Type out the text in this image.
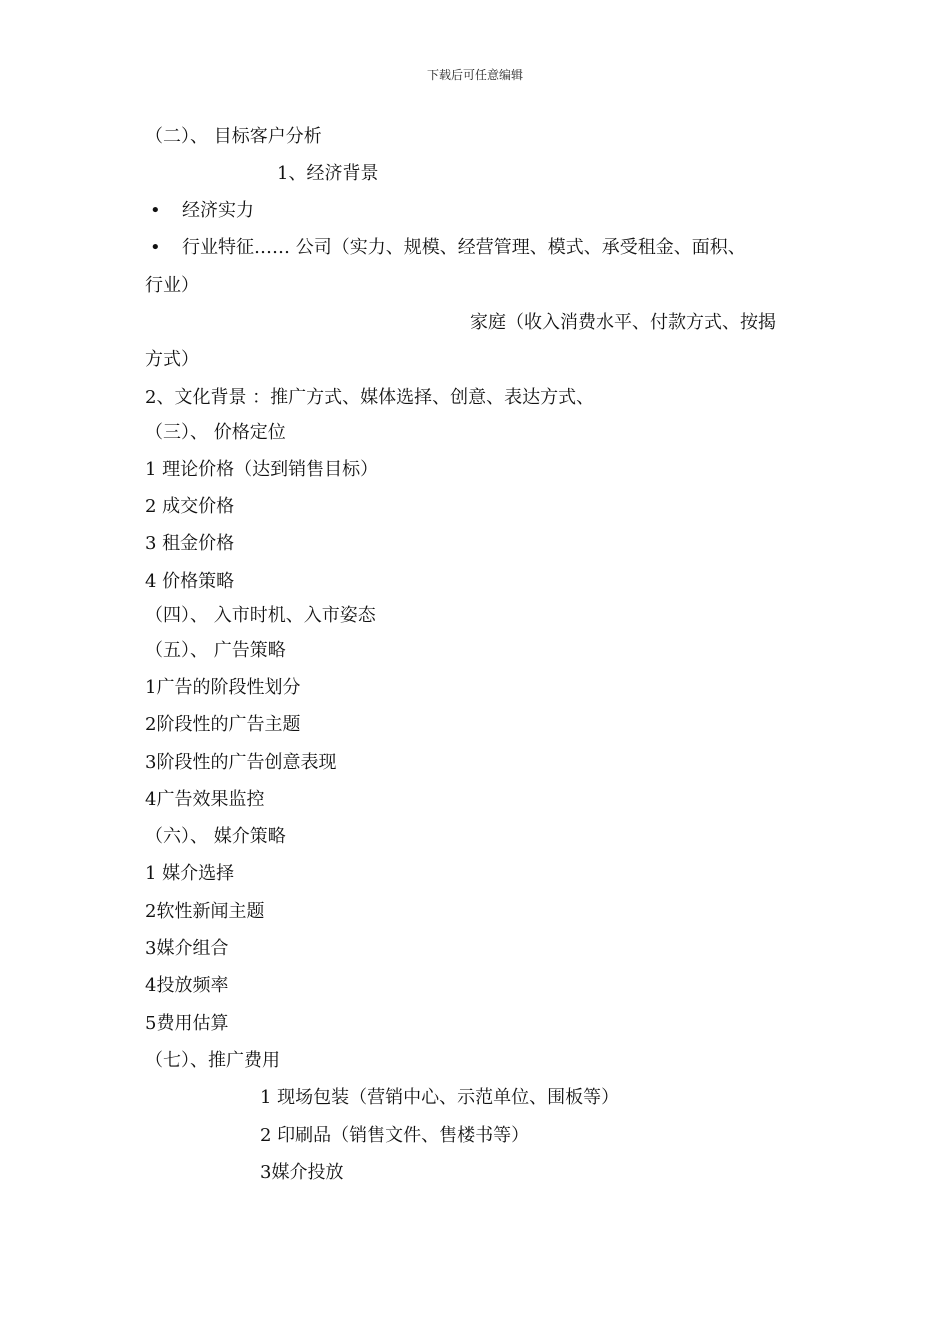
下载后可任意编辑
（二）、 目标客户分析
1、经济背景
• 经济实力
• 行业特征…… 公司（实力、规模、经营管理、模式、承受租金、面积、
行业）
家庭（收入消费水平、付款方式、按揭
方式）
2、文化背景 ：推广方式、媒体选择、创意、表达方式、
（三）、 价格定位
1 理论价格（达到销售目标）
2 成交价格
3 租金价格
4 价格策略
（四）、 入市时机、入市姿态
（五）、 广告策略
1广告的阶段性划分
2阶段性的广告主题
3阶段性的广告创意表现
4广告效果监控
（六）、 媒介策略
1 媒介选择
2软性新闻主题
3媒介组合
4投放频率
5费用估算
（七）、推广费用
1 现场包装（营销中心、示范单位、围板等）
2 印刷品（销售文件、售楼书等）
3媒介投放
